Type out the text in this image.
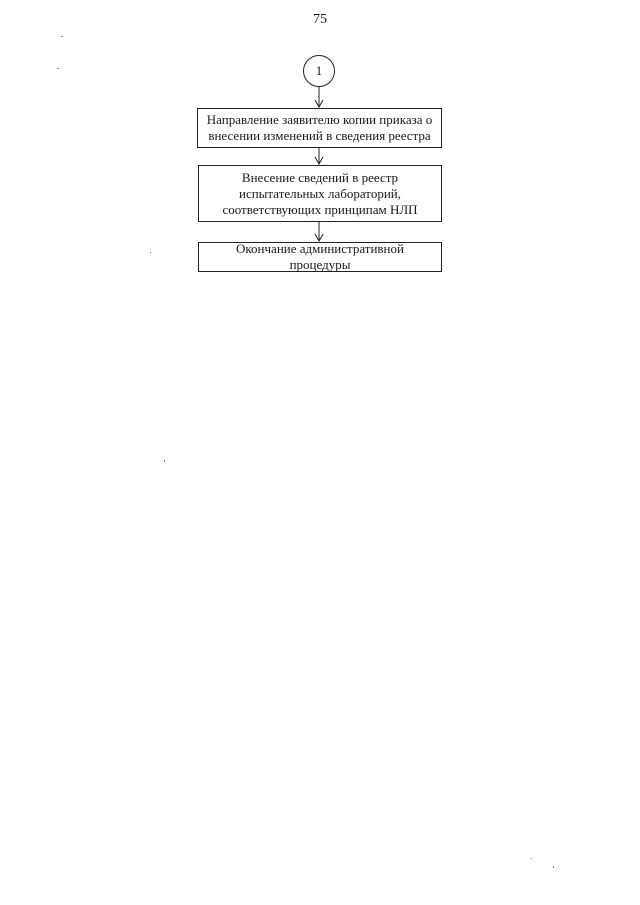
75
1
Направление заявителю копии приказа о
внесении изменений в сведения реестра
Внесение сведений в реестр
испытательных лабораторий,
соответствующих принципам НЛП
Окончание административной процедуры
